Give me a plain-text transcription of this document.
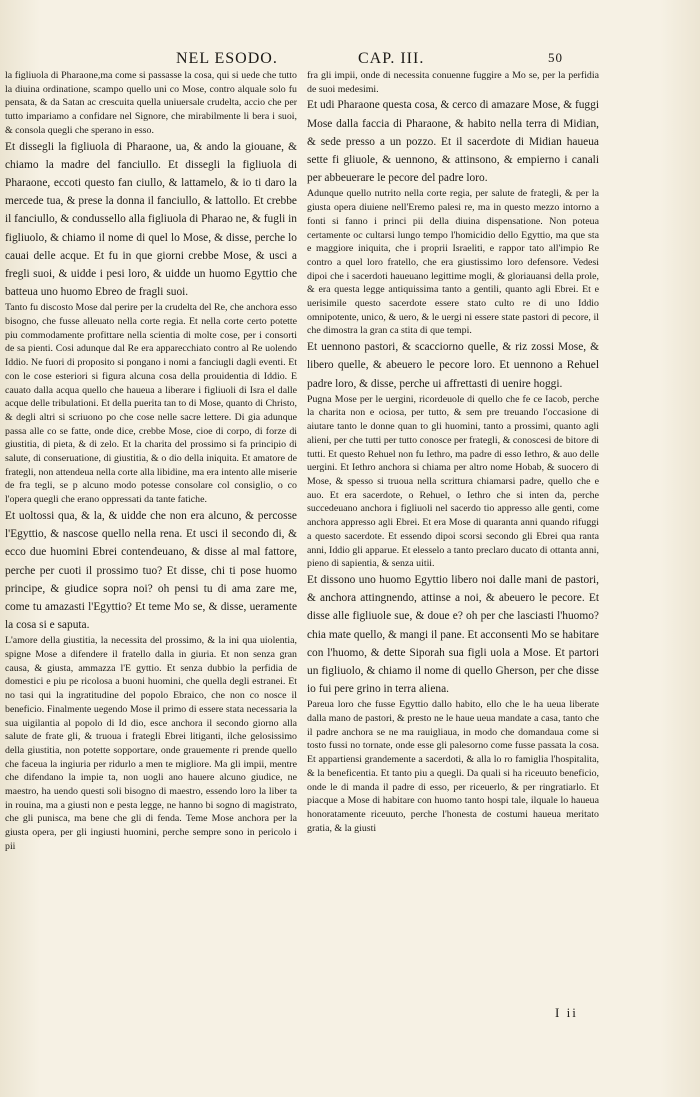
NEL ESODO.	CAP. III.	50

la figliuola di Pharaone,ma come si passasse la cosa, qui si uede che tutto la diuina ordinatione, scampo quello uni co Mose, contro alquale solo fu pensata, & da Satan ac crescuita quella uniuersale crudelta, accio che per tutto impariamo a confidare nel Signore, che mirabilmente li bera i suoi, & consola quegli che sperano in esso.

Et dissegli la figliuola di Pharaone, ua, & ando la giouane, & chiamo la madre del fanciullo. Et dissegli la figliuola di Pharaone, eccoti questo fan ciullo, & lattamelo, & io ti daro la mercede tua, & prese la donna il fanciullo, & lattollo. Et crebbe il fanciullo, & condussello alla figliuola di Pharao ne, & fugli in figliuolo, & chiamo il nome di quel lo Mose, & disse, perche lo cauai delle acque. Et fu in que giorni crebbe Mose, & usci a fregli suoi, & uidde i pesi loro, & uidde un huomo Egyttio che batteua uno huomo Ebreo de fragli suoi.

Tanto fu discosto Mose dal perire per la crudelta del Re, che anchora esso bisogno, che fusse alleuato nella corte regia. Et nella corte certo potette piu commodamente profittare nella scientia di molte cose, per i consorti de sa pienti. Cosi adunque dal Re era apparecchiato contro al Re uolendo Iddio. Ne fuori di proposito si pongano i nomi a fanciugli dagli eventi. Et con le cose esteriori si figura alcuna cosa della prouidentia di Iddio. E cauato dalla acqua quello che haueua a liberare i figliuoli di Isra el dalle acque delle tribulationi. Et della puerita tan to di Mose, quanto di Christo, & degli altri si scriuono po che cose nelle sacre lettere. Di gia adunque passa alle co se fatte, onde dice, crebbe Mose, cioe di corpo, di forze di giustitia, di pieta, & di zelo. Et la charita del prossimo si fa principio di salute, di conseruatione, di giustitia, & o dio della iniquita. Et amatore de frategli, non attendeua nella corte alla libidine, ma era intento alle miserie de fra tegli, se p alcuno modo potesse consolare col consiglio, o co l'opera quegli che erano oppressati da tante fatiche.

Et uoltossi qua, & la, & uidde che non era alcuno, & percosse l'Egyttio, & nascose quello nella rena. Et usci il secondo di, & ecco due huomini Ebrei contendeuano, & disse al mal fattore, perche per cuoti il prossimo tuo? Et disse, chi ti pose huomo principe, & giudice sopra noi? oh pensi tu di ama zare me, come tu amazasti l'Egyttio? Et teme Mo se, & disse, ueramente la cosa si e saputa.

L'amore della giustitia, la necessita del prossimo, & la ini qua uiolentia, spigne Mose a difendere il fratello dalla in giuria. Et non senza gran causa, & giusta, ammazza l'E gyttio. Et senza dubbio la perfidia de domestici e piu pe ricolosa a buoni huomini, che quella degli estranei. Et no tasi qui la ingratitudine del popolo Ebraico, che non co nosce il beneficio. Finalmente uegendo Mose il primo di essere stata necessaria la sua uigilantia al popolo di Id dio, esce anchora il secondo giorno alla salute de frate gli, & truoua i frategli Ebrei litiganti, ilche gelosissimo della giustitia, non potette sopportare, onde grauemente ri prende quello che faceua la ingiuria per ridurlo a men te migliore. Ma gli impii, mentre che difendano la impie ta, non uogli ano hauere alcuno giudice, ne maestro, ha uendo questi soli bisogno di maestro, essendo loro la liber ta in rouina, ma a giusti non e pesta legge, ne hanno bi sogno di magistrato, che gli punisca, ma bene che gli di fenda. Teme Mose anchora per la giusta opera, per gli ingiusti huomini, perche sempre sono in pericolo i pii

fra gli impii, onde di necessita conuenne fuggire a Mo se, per la perfidia de suoi medesimi.

Et udi Pharaone questa cosa, & cerco di amazare Mose, & fuggi Mose dalla faccia di Pharaone, & habito nella terra di Midian, & sede presso a un pozzo. Et il sacerdote di Midian haueua sette fi gliuole, & uennono, & attinsono, & empierno i canali per abbeuerare le pecore del padre loro.

Adunque quello nutrito nella corte regia, per salute de frategli, & per la giusta opera diuiene nell'Eremo palesi re, ma in questo mezzo intorno a fonti si fanno i princi pii della diuina dispensatione. Non poteua certamente oc cultarsi lungo tempo l'homicidio dello Egyttio, ma que sta e maggiore iniquita, che i proprii Israeliti, e rappor tato all'impio Re contro a quel loro fratello, che era giustissimo loro defensore. Vedesi dipoi che i sacerdoti haueuano legittime mogli, & gloriauansi della prole, & era questa legge antiquissima tanto a gentili, quanto agli Ebrei. Et e uerisimile questo sacerdote essere stato culto re di uno Iddio omnipotente, unico, & uero, & le uergi ni essere state pastori di pecore, il che dimostra la gran ca stita di que tempi.

Et uennono pastori, & scacciorno quelle, & riz zossi Mose, & libero quelle, & abeuero le pecore loro. Et uennono a Rehuel padre loro, & disse, perche ui affrettasti di uenire hoggi.

Pugna Mose per le uergini, ricordeuole di quello che fe ce Iacob, perche la charita non e ociosa, per tutto, & sem pre treuando l'occasione di aiutare tanto le donne quan to gli huomini, tanto a prossimi, quanto agli alieni, per che tutti per tutto conosce per frategli, & conoscesi de bitore di tutti. Et questo Rehuel non fu Iethro, ma padre di esso Iethro, & auo delle uergini. Et Iethro anchora si chiama per altro nome Hobab, & suocero di Mose, & spesso si truoua nella scrittura chiamarsi padre, quello che e auo. Et era sacerdote, o Rehuel, o Iethro che si inten da, perche succedeuano anchora i figliuoli nel sacerdo tio appresso alle genti, come anchora appresso agli Ebrei. Et era Mose di quaranta anni quando rifuggi a questo sacerdote. Et essendo dipoi scorsi secondo gli Ebrei qua ranta anni, Iddio gli apparue. Et elesselo a tanto preclaro ducato di ottanta anni, pieno di sapientia, & senza uitii.

Et dissono uno huomo Egyttio libero noi dalle mani de pastori, & anchora attingnendo, attinse a noi, & abeuero le pecore. Et disse alle figliuole sue, & doue e? oh per che lasciasti l'huomo? chia mate quello, & mangi il pane. Et acconsenti Mo se habitare con l'huomo, & dette Siporah sua figli uola a Mose. Et partori un figliuolo, & chiamo il nome di quello Gherson, per che disse io fui pere grino in terra aliena.

Pareua loro che fusse Egyttio dallo habito, ello che le ha ueua liberate dalla mano de pastori, & presto ne le haue ueua mandate a casa, tanto che il padre anchora se ne ma rauigliaua, in modo che domandaua come si tosto fussi no tornate, onde esse gli palesorno come fusse passata la cosa. Et appartiensi grandemente a sacerdoti, & alla lo ro famiglia l'hospitalita, & la beneficentia. Et tanto piu a quegli. Da quali si ha riceuuto beneficio, onde le di manda il padre di esso, per riceuerlo, & per ringratiarlo. Et piacque a Mose di habitare con huomo tanto hospi tale, ilquale lo haueua honoratamente riceuuto, perche l'honesta de costumi haueua meritato gratia, & la giusti

I ii
